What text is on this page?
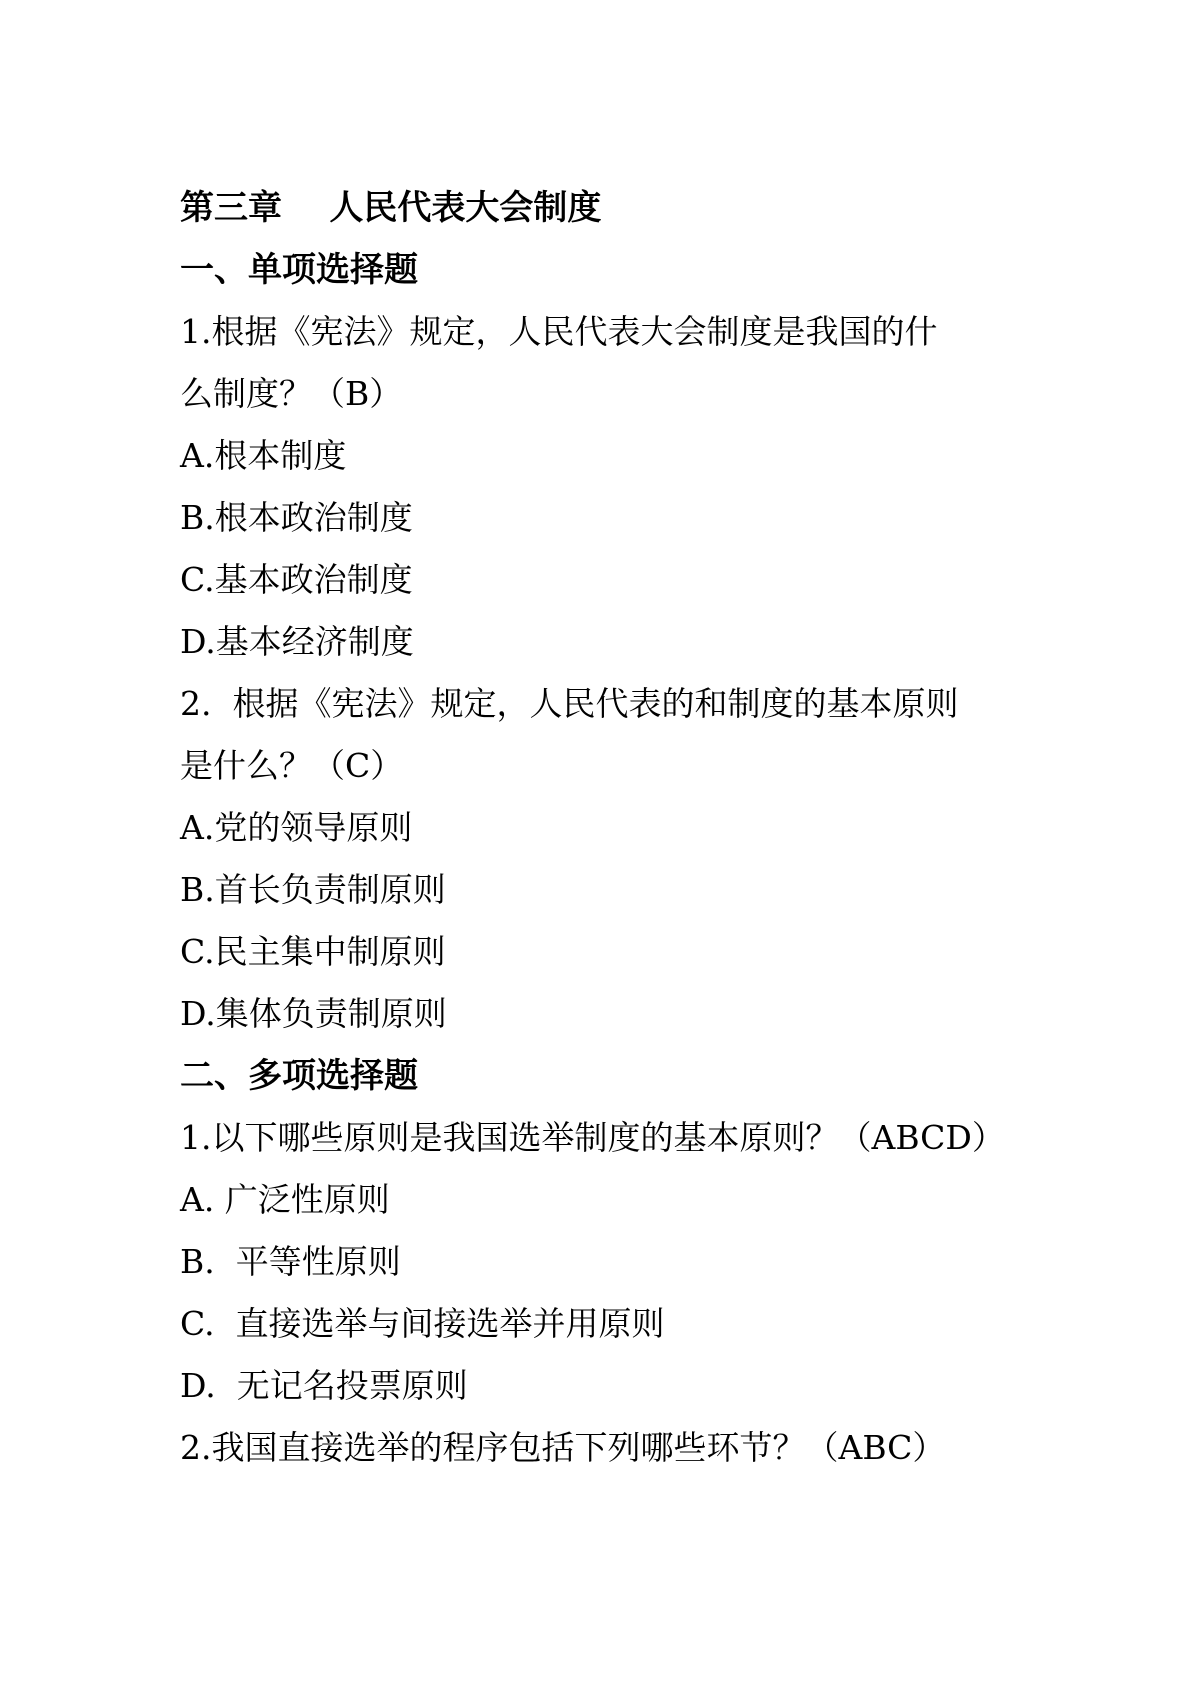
第三章    人民代表大会制度
一、单项选择题
1.根据《宪法》规定，人民代表大会制度是我国的什
么制度？（B）
A.根本制度
B.根本政治制度
C.基本政治制度
D.基本经济制度
2.  根据《宪法》规定，人民代表的和制度的基本原则
是什么？（C）
A.党的领导原则
B.首长负责制原则
C.民主集中制原则
D.集体负责制原则
二、多项选择题
1.以下哪些原则是我国选举制度的基本原则？（ABCD）
A. 广泛性原则
B.  平等性原则
C.  直接选举与间接选举并用原则
D.  无记名投票原则
2.我国直接选举的程序包括下列哪些环节？（ABC）
